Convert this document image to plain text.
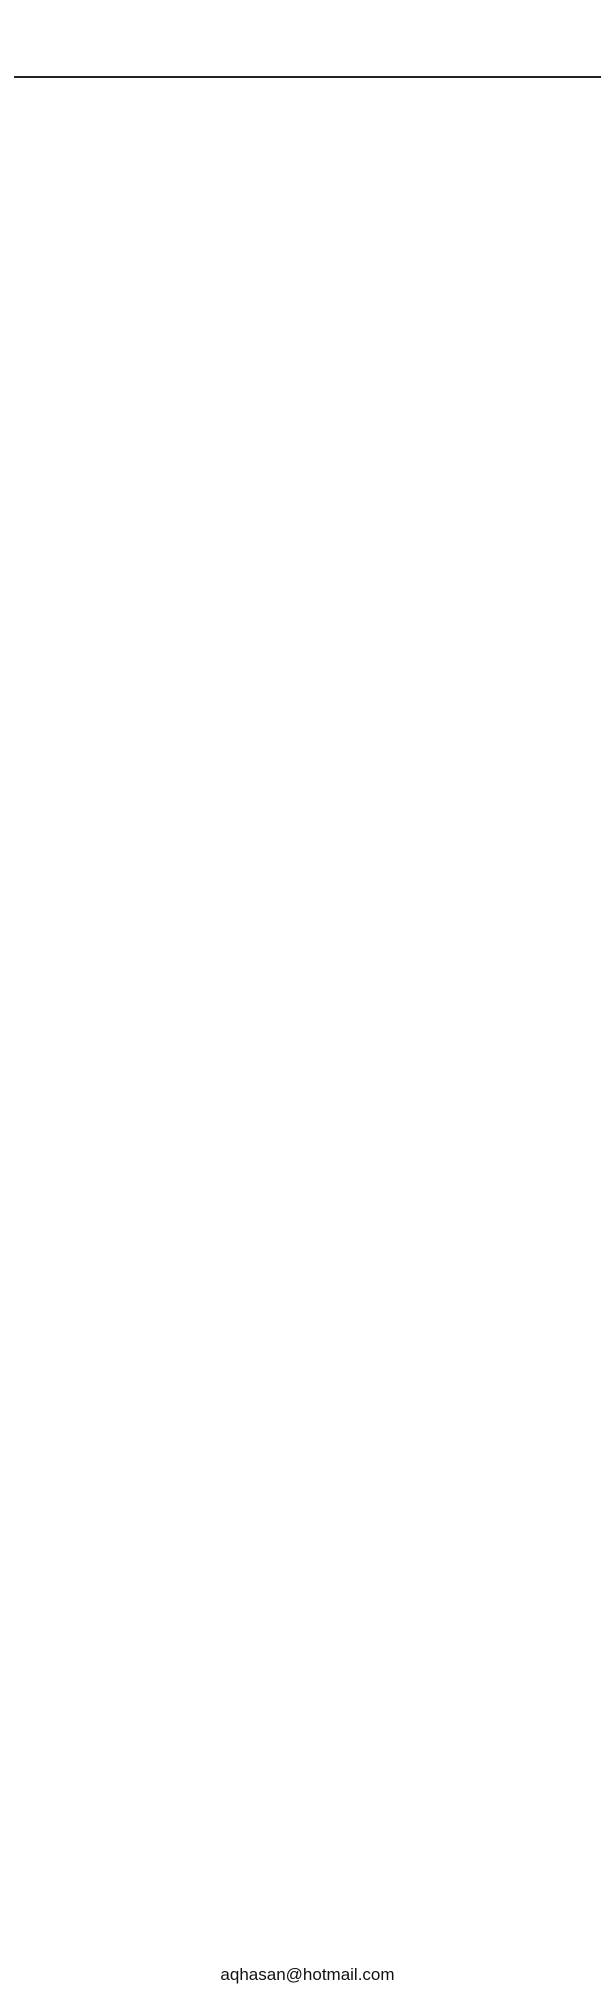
aqhasan@hotmail.com
